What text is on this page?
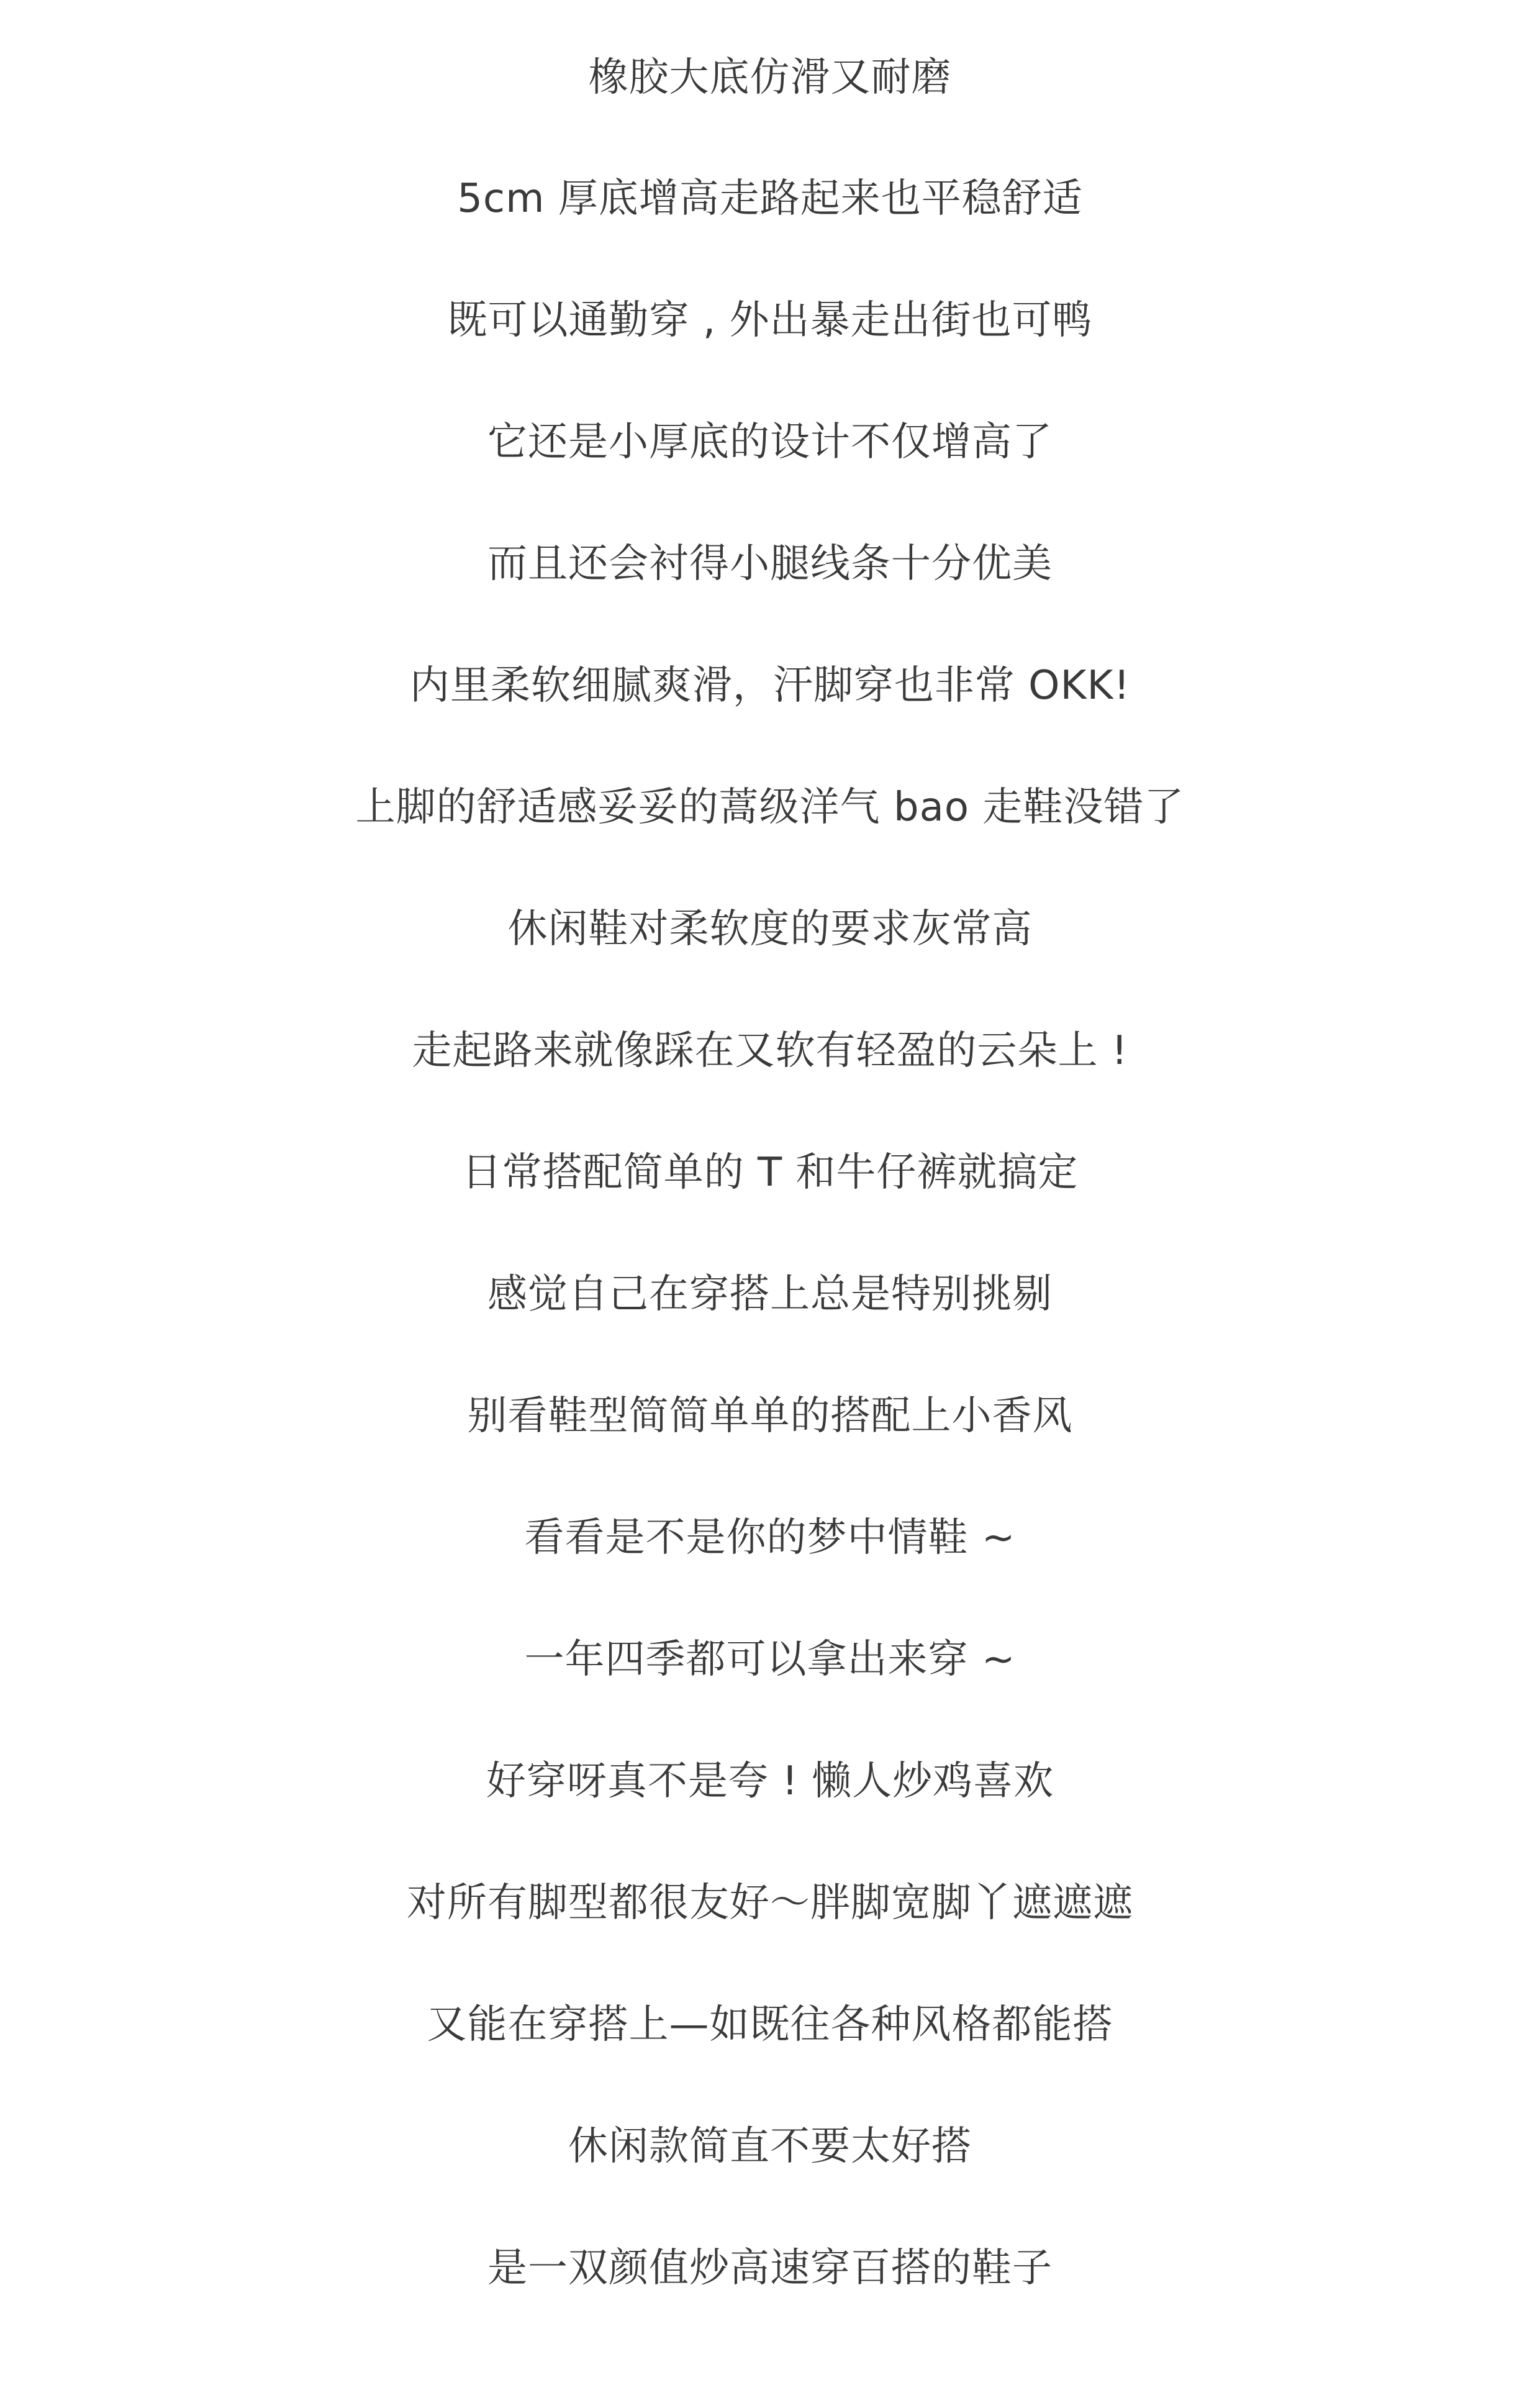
橡胶大底仿滑又耐磨
5cm 厚底增高走路起来也平稳舒适
既可以通勤穿 , 外出暴走出街也可鸭
它还是小厚底的设计不仅增高了
而且还会衬得小腿线条十分优美
内里柔软细腻爽滑，汗脚穿也非常 OKK!
上脚的舒适感妥妥的蒿级洋气 bao 走鞋没错了
休闲鞋对柔软度的要求灰常高
走起路来就像踩在又软有轻盈的云朵上 !
日常搭配简单的 T 和牛仔裤就搞定
感觉自己在穿搭上总是特别挑剔
别看鞋型简简单单的搭配上小香风
看看是不是你的梦中情鞋 ~
一年四季都可以拿出来穿 ~
好穿呀真不是夸 ! 懒人炒鸡喜欢
对所有脚型都很友好～胖脚宽脚丫遮遮遮
又能在穿搭上—如既往各种风格都能搭
休闲款简直不要太好搭
是一双颜值炒高速穿百搭的鞋子
